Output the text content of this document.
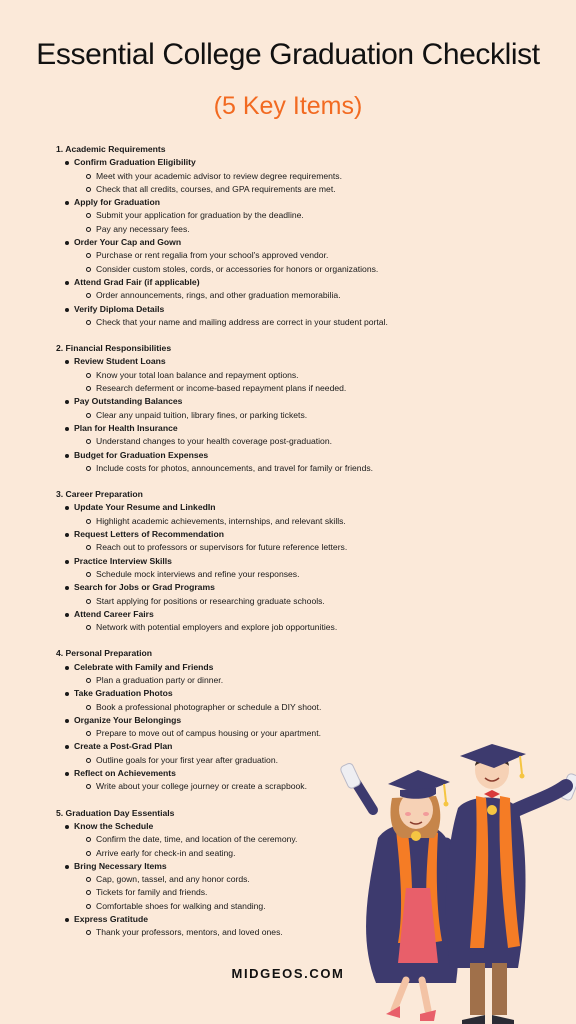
Essential College Graduation Checklist
(5 Key Items)
1. Academic Requirements
Confirm Graduation Eligibility
Meet with your academic advisor to review degree requirements.
Check that all credits, courses, and GPA requirements are met.
Apply for Graduation
Submit your application for graduation by the deadline.
Pay any necessary fees.
Order Your Cap and Gown
Purchase or rent regalia from your school's approved vendor.
Consider custom stoles, cords, or accessories for honors or organizations.
Attend Grad Fair (if applicable)
Order announcements, rings, and other graduation memorabilia.
Verify Diploma Details
Check that your name and mailing address are correct in your student portal.
2. Financial Responsibilities
Review Student Loans
Know your total loan balance and repayment options.
Research deferment or income-based repayment plans if needed.
Pay Outstanding Balances
Clear any unpaid tuition, library fines, or parking tickets.
Plan for Health Insurance
Understand changes to your health coverage post-graduation.
Budget for Graduation Expenses
Include costs for photos, announcements, and travel for family or friends.
3. Career Preparation
Update Your Resume and LinkedIn
Highlight academic achievements, internships, and relevant skills.
Request Letters of Recommendation
Reach out to professors or supervisors for future reference letters.
Practice Interview Skills
Schedule mock interviews and refine your responses.
Search for Jobs or Grad Programs
Start applying for positions or researching graduate schools.
Attend Career Fairs
Network with potential employers and explore job opportunities.
4. Personal Preparation
Celebrate with Family and Friends
Plan a graduation party or dinner.
Take Graduation Photos
Book a professional photographer or schedule a DIY shoot.
Organize Your Belongings
Prepare to move out of campus housing or your apartment.
Create a Post-Grad Plan
Outline goals for your first year after graduation.
Reflect on Achievements
Write about your college journey or create a scrapbook.
5. Graduation Day Essentials
Know the Schedule
Confirm the date, time, and location of the ceremony.
Arrive early for check-in and seating.
Bring Necessary Items
Cap, gown, tassel, and any honor cords.
Tickets for family and friends.
Comfortable shoes for walking and standing.
Express Gratitude
Thank your professors, mentors, and loved ones.
MIDGEOS.COM
